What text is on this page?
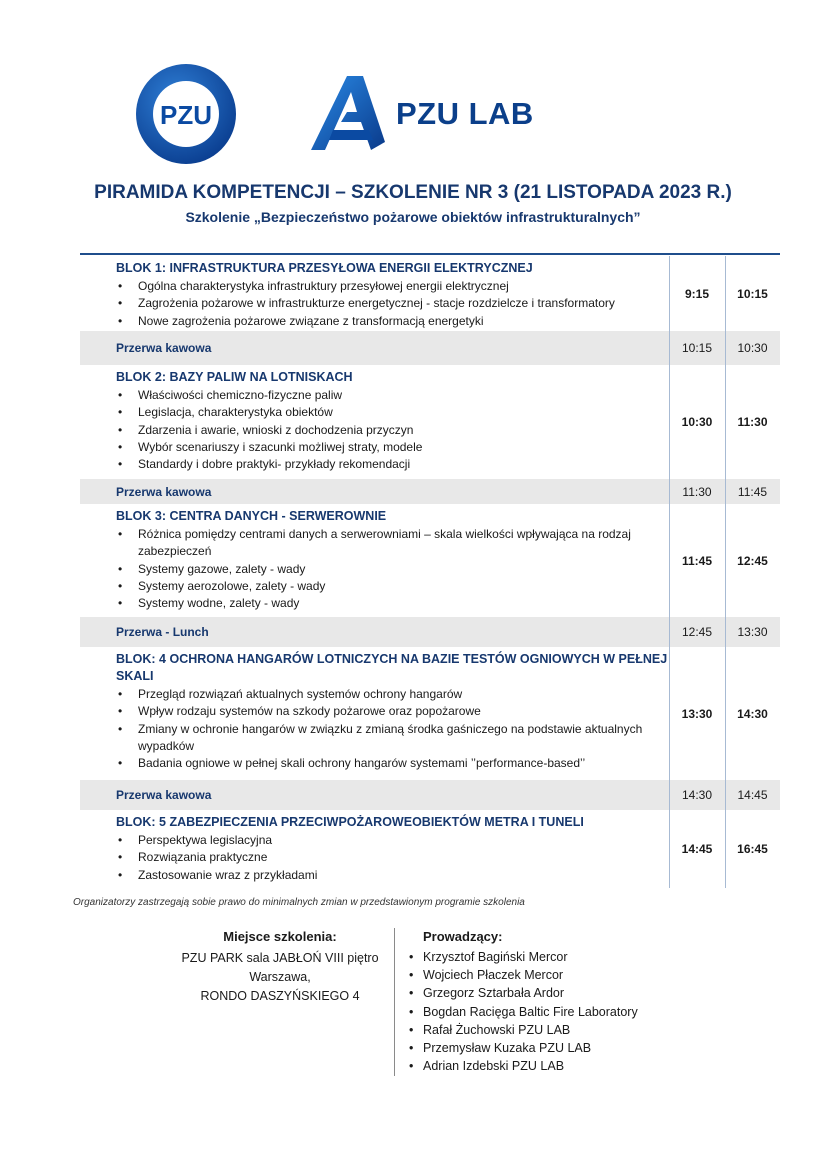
PZU	PZU LAB
PIRAMIDA KOMPETENCJI – SZKOLENIE NR 3 (21 LISTOPADA 2023 R.)
Szkolenie „Bezpieczeństwo pożarowe obiektów infrastrukturalnych”
BLOK 1: INFRASTRUKTURA PRZESYŁOWA ENERGII ELEKTRYCZNEJ
• Ogólna charakterystyka infrastruktury przesyłowej energii elektrycznej
• Zagrożenia pożarowe w infrastrukturze energetycznej - stacje rozdzielcze i transformatory
• Nowe zagrożenia pożarowe związane z transformacją energetyki
9:15	10:15
Przerwa kawowa	10:15	10:30
BLOK 2: BAZY PALIW NA LOTNISKACH
• Właściwości chemiczno-fizyczne paliw
• Legislacja, charakterystyka obiektów
• Zdarzenia i awarie, wnioski z dochodzenia przyczyn
• Wybór scenariuszy i szacunki możliwej straty, modele
• Standardy i dobre praktyki- przykłady rekomendacji
10:30	11:30
Przerwa kawowa	11:30	11:45
BLOK 3: CENTRA DANYCH - SERWEROWNIE
• Różnica pomiędzy centrami danych a serwerowniami – skala wielkości wpływająca na rodzaj zabezpieczeń
• Systemy gazowe, zalety - wady
• Systemy aerozolowe, zalety - wady
• Systemy wodne, zalety - wady
11:45	12:45
Przerwa - Lunch	12:45	13:30
BLOK: 4 OCHRONA HANGARÓW LOTNICZYCH NA BAZIE TESTÓW OGNIOWYCH W PEŁNEJ SKALI
• Przegląd rozwiązań aktualnych systemów ochrony hangarów
• Wpływ rodzaju systemów na szkody pożarowe oraz popożarowe
• Zmiany w ochronie hangarów w związku z zmianą środka gaśniczego na podstawie aktualnych wypadków
• Badania ogniowe w pełnej skali ochrony hangarów systemami ’’performance-based’’
13:30	14:30
Przerwa kawowa	14:30	14:45
BLOK: 5 ZABEZPIECZENIA PRZECIWPOŻAROWEOBIEKTÓW METRA I TUNELI
• Perspektywa legislacyjna
• Rozwiązania praktyczne
• Zastosowanie wraz z przykładami
14:45	16:45
Organizatorzy zastrzegają sobie prawo do minimalnych zmian w przedstawionym programie szkolenia
Miejsce szkolenia:
PZU PARK sala JABŁOŃ VIII piętro
Warszawa,
RONDO DASZYŃSKIEGO 4
Prowadzący:
• Krzysztof Bagiński Mercor
• Wojciech Płaczek Mercor
• Grzegorz Sztarbała Ardor
• Bogdan Racięga Baltic Fire Laboratory
• Rafał Żuchowski PZU LAB
• Przemysław Kuzaka PZU LAB
• Adrian Izdebski PZU LAB
